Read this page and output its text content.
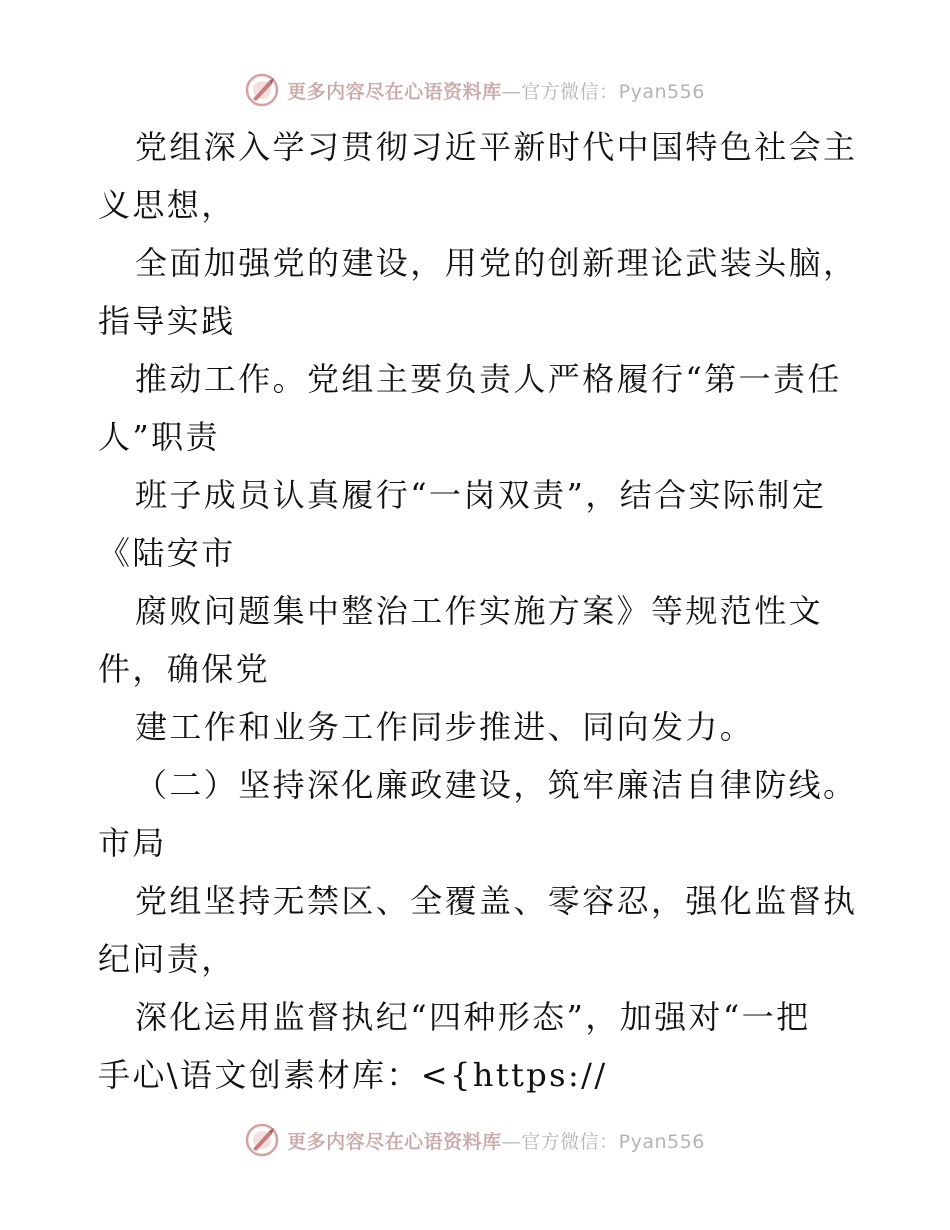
更多内容尽在心语资料库—官方微信：Pyan556
党组深入学习贯彻习近平新时代中国特色社会主
义思想，
全面加强党的建设，用党的创新理论武装头脑，
指导实践
推动工作。党组主要负责人严格履行“第一责任
人”职责
班子成员认真履行“一岗双责”，结合实际制定
《陆安市
腐败问题集中整治工作实施方案》等规范性文
件，确保党
建工作和业务工作同步推进、同向发力。
（二）坚持深化廉政建设，筑牢廉洁自律防线。
市局
党组坚持无禁区、全覆盖、零容忍，强化监督执
纪问责，
深化运用监督执纪“四种形态”，加强对“一把
手心\语文创素材库：<{https://
更多内容尽在心语资料库—官方微信：Pyan556
